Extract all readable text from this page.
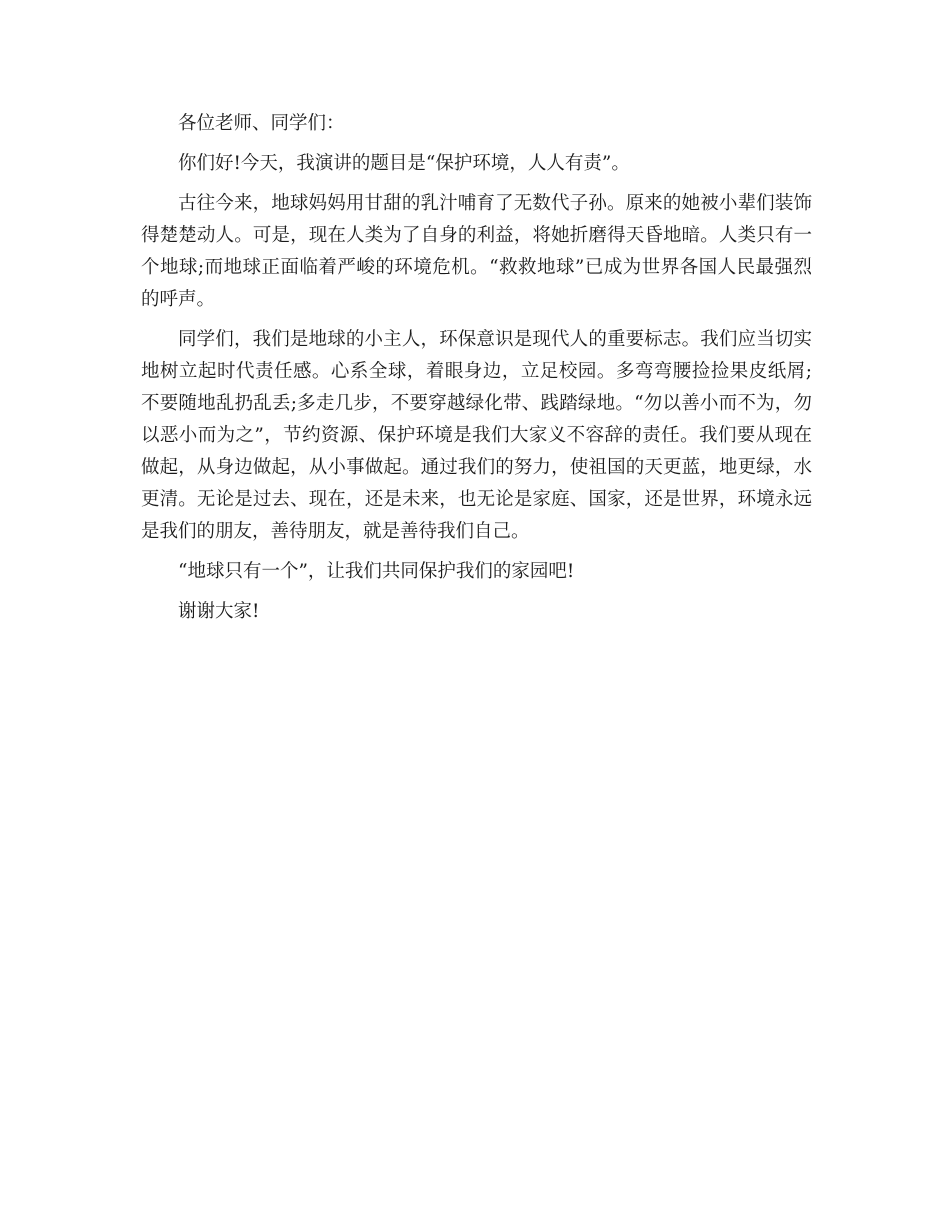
各位老师、同学们：

你们好!今天，我演讲的题目是“保护环境，人人有责”。

古往今来，地球妈妈用甘甜的乳汁哺育了无数代子孙。原来的她被小辈们装饰得楚楚动人。可是，现在人类为了自身的利益，将她折磨得天昏地暗。人类只有一个地球;而地球正面临着严峻的环境危机。“救救地球”已成为世界各国人民最强烈的呼声。

同学们，我们是地球的小主人，环保意识是现代人的重要标志。我们应当切实地树立起时代责任感。心系全球，着眼身边，立足校园。多弯弯腰捡捡果皮纸屑;不要随地乱扔乱丢;多走几步，不要穿越绿化带、践踏绿地。“勿以善小而不为，勿以恶小而为之”，节约资源、保护环境是我们大家义不容辞的责任。我们要从现在做起，从身边做起，从小事做起。通过我们的努力，使祖国的天更蓝，地更绿，水更清。无论是过去、现在，还是未来，也无论是家庭、国家，还是世界，环境永远是我们的朋友，善待朋友，就是善待我们自己。

“地球只有一个”，让我们共同保护我们的家园吧!

谢谢大家!
